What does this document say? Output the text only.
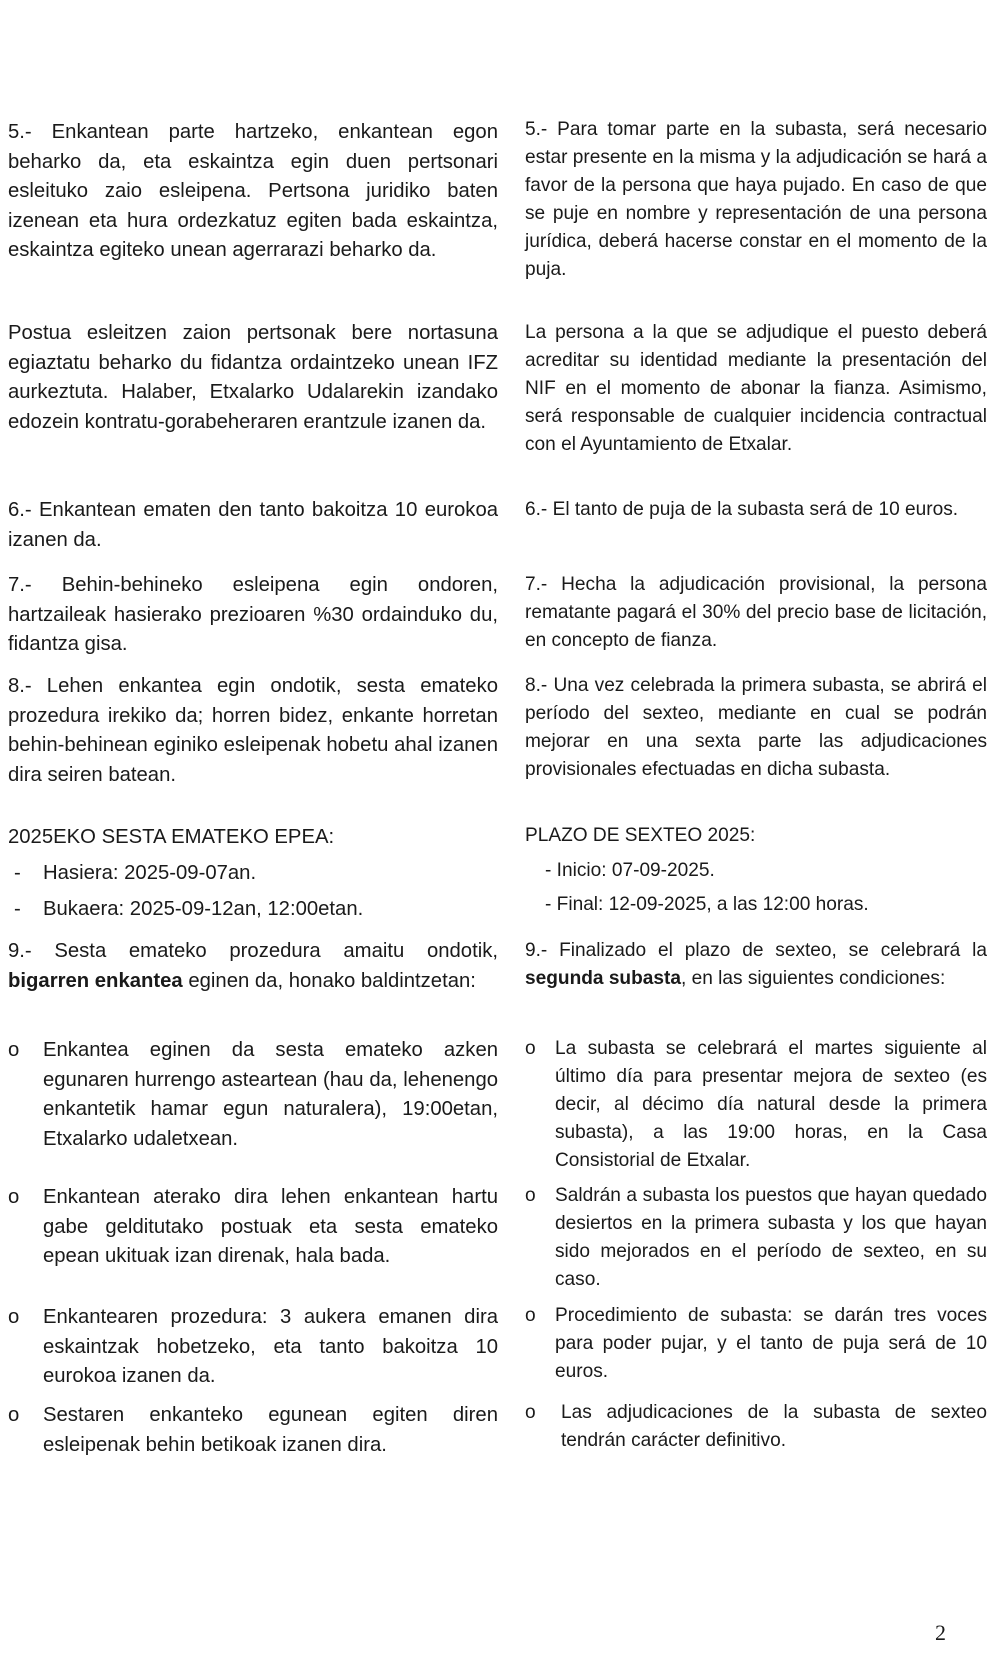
5.- Enkantean parte hartzeko, enkantean egon beharko da, eta eskaintza egin duen pertsonari esleituko zaio esleipena. Pertsona juridiko baten izenean eta hura ordezkatuz egiten bada eskaintza, eskaintza egiteko unean agerrarazi beharko da.
Postua esleitzen zaion pertsonak bere nortasuna egiaztatu beharko du fidantza ordaintzeko unean IFZ aurkeztuta. Halaber, Etxalarko Udalarekin izandako edozein kontratu-gorabeheraren erantzule izanen da.
6.- Enkantean ematen den tanto bakoitza 10 eurokoa izanen da.
7.- Behin-behineko esleipena egin ondoren, hartzaileak hasierako prezioaren %30 ordainduko du, fidantza gisa.
8.- Lehen enkantea egin ondotik, sesta emateko prozedura irekiko da; horren bidez, enkante horretan behin-behinean eginiko esleipenak hobetu ahal izanen dira seiren batean.
2025EKO SESTA EMATEKO EPEA:
- Hasiera: 2025-09-07an.
- Bukaera: 2025-09-12an, 12:00etan.
9.- Sesta emateko prozedura amaitu ondotik, bigarren enkantea eginen da, honako baldintzetan:
o Enkantea eginen da sesta emateko azken egunaren hurrengo asteartean (hau da, lehenengo enkantetik hamar egun naturalera), 19:00etan, Etxalarko udaletxean.
o Enkantean aterako dira lehen enkantean hartu gabe gelditutako postuak eta sesta emateko epean ukituak izan direnak, hala bada.
o Enkantearen prozedura: 3 aukera emanen dira eskaintzak hobetzeko, eta tanto bakoitza 10 eurokoa izanen da.
o Sestaren enkanteko egunean egiten diren esleipenak behin betikoak izanen dira.
5.- Para tomar parte en la subasta, será necesario estar presente en la misma y la adjudicación se hará a favor de la persona que haya pujado. En caso de que se puje en nombre y representación de una persona jurídica, deberá hacerse constar en el momento de la puja.
La persona a la que se adjudique el puesto deberá acreditar su identidad mediante la presentación del NIF en el momento de abonar la fianza. Asimismo, será responsable de cualquier incidencia contractual con el Ayuntamiento de Etxalar.
6.- El tanto de puja de la subasta será de 10 euros.
7.- Hecha la adjudicación provisional, la persona rematante pagará el 30% del precio base de licitación, en concepto de fianza.
8.- Una vez celebrada la primera subasta, se abrirá el período del sexteo, mediante en cual se podrán mejorar en una sexta parte las adjudicaciones provisionales efectuadas en dicha subasta.
PLAZO DE SEXTEO 2025:
- Inicio: 07-09-2025.
- Final: 12-09-2025, a las 12:00 horas.
9.- Finalizado el plazo de sexteo, se celebrará la segunda subasta, en las siguientes condiciones:
o La subasta se celebrará el martes siguiente al último día para presentar mejora de sexteo (es decir, al décimo día natural desde la primera subasta), a las 19:00 horas, en la Casa Consistorial de Etxalar.
o Saldrán a subasta los puestos que hayan quedado desiertos en la primera subasta y los que hayan sido mejorados en el período de sexteo, en su caso.
o Procedimiento de subasta: se darán tres voces para poder pujar, y el tanto de puja será de 10 euros.
o Las adjudicaciones de la subasta de sexteo tendrán carácter definitivo.
2
